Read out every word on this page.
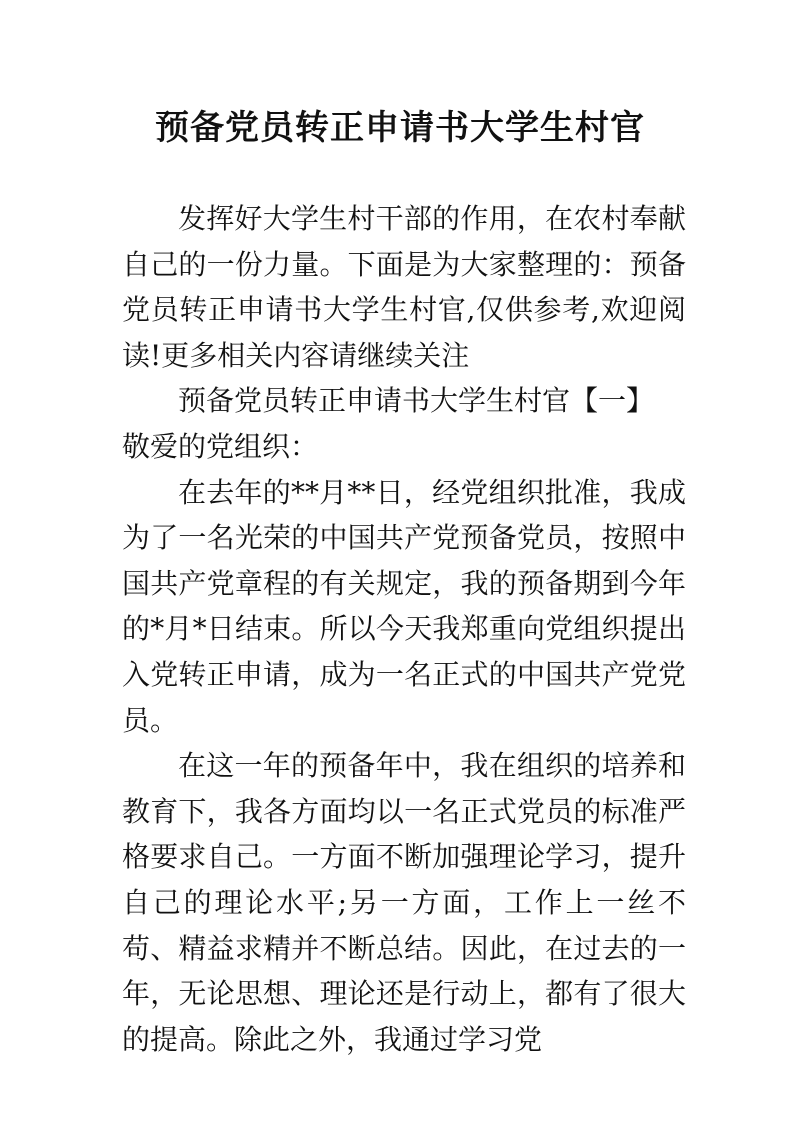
预备党员转正申请书大学生村官

发挥好大学生村干部的作用，在农村奉献自己的一份力量。下面是为大家整理的：预备党员转正申请书大学生村官,仅供参考,欢迎阅读!更多相关内容请继续关注

预备党员转正申请书大学生村官【一】

敬爱的党组织：

在去年的**月**日，经党组织批准，我成为了一名光荣的中国共产党预备党员，按照中国共产党章程的有关规定，我的预备期到今年的*月*日结束。所以今天我郑重向党组织提出入党转正申请，成为一名正式的中国共产党党员。

在这一年的预备年中，我在组织的培养和教育下，我各方面均以一名正式党员的标准严格要求自己。一方面不断加强理论学习，提升自己的理论水平;另一方面，工作上一丝不苟、精益求精并不断总结。因此，在过去的一年，无论思想、理论还是行动上，都有了很大的提高。除此之外，我通过学习党
